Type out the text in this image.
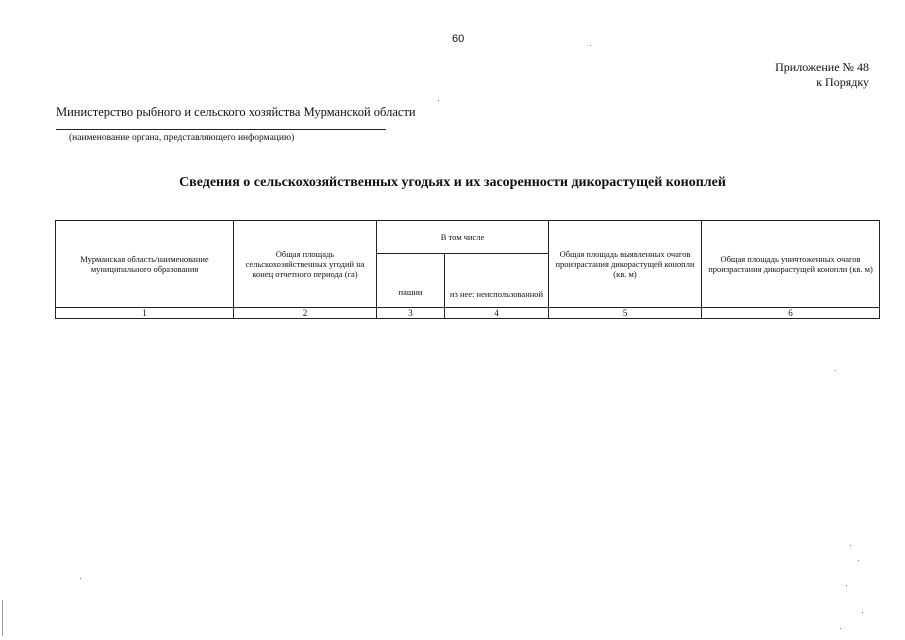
60
Приложение № 48
к Порядку
Министерство рыбного и сельского хозяйства Мурманской области
(наименование органа, представляющего информацию)
Сведения о сельскохозяйственных угодьях и их засоренности дикорастущей коноплей
Мурманская область/наименование муниципального образования	Общая площадь сельскохозяйственных угодий на конец отчетного периода (га)	В том числе		Общая площадь выявленных очагов произрастания дикорастущей конопли (кв. м)	Общая площадь уничтоженных очагов произрастания дикорастущей конопли (кв. м)
		пашни	из нее: неиспользованной		
1	2	3	4	5	6
